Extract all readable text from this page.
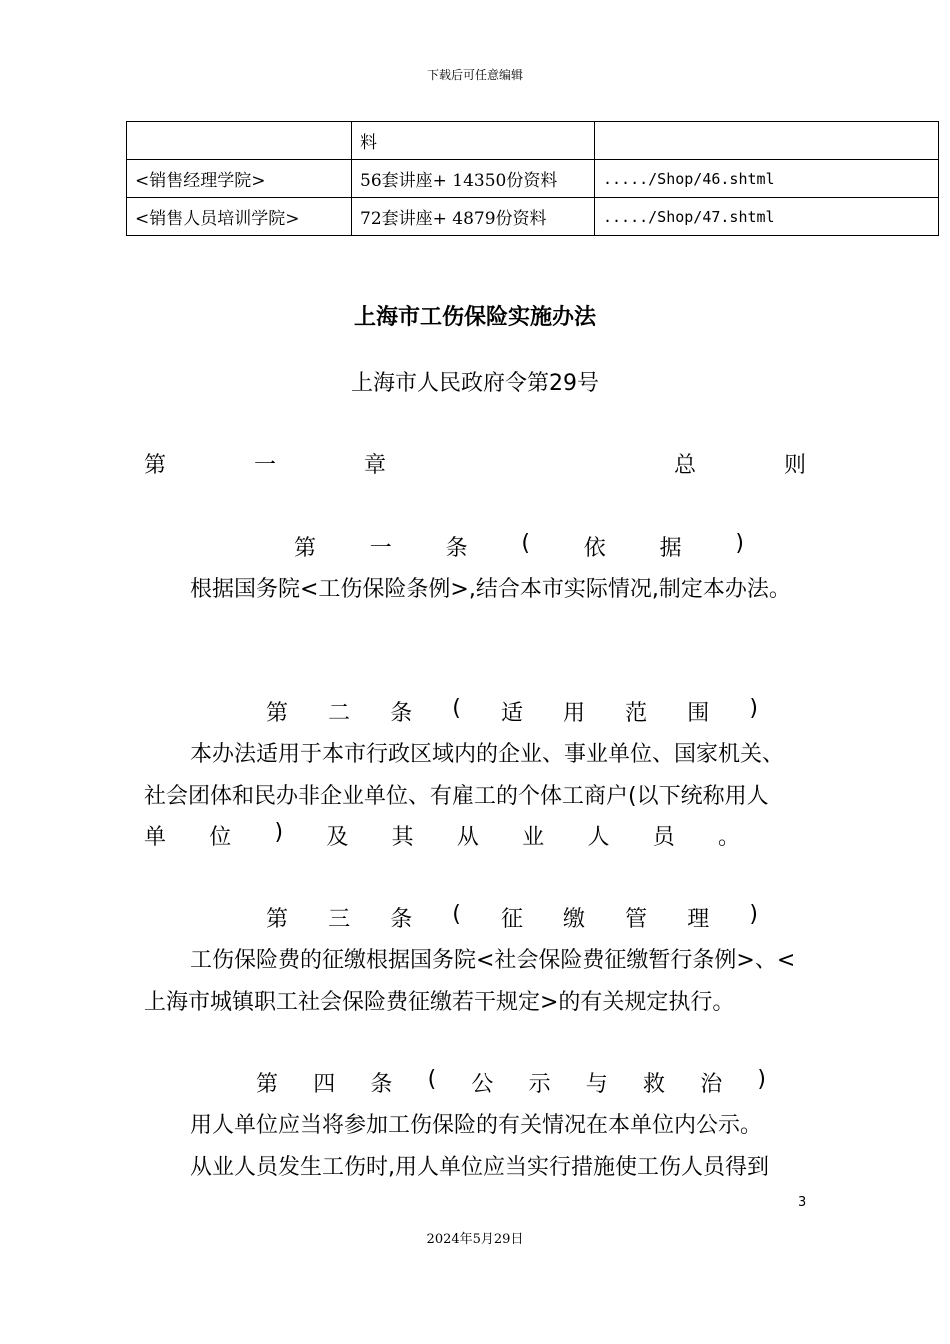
下载后可任意编辑
	料	
<销售经理学院>	56套讲座+ 14350份资料	...../Shop/46.shtml
<销售人员培训学院>	72套讲座+ 4879份资料	...../Shop/47.shtml
上海市工伤保险实施办法
上海市人民政府令第29号
第	一	章	总	则
第 一 条 ( 依 据 )
根据国务院<工伤保险条例>,结合本市实际情况,制定本办法。
第 二 条 ( 适 用 范 围 )
本办法适用于本市行政区域内的企业、事业单位、国家机关、
社会团体和民办非企业单位、有雇工的个体工商户(以下统称用人
单 位 ) 及 其 从 业 人 员 。
第 三 条 ( 征 缴 管 理 )
工伤保险费的征缴根据国务院<社会保险费征缴暂行条例>、<
上海市城镇职工社会保险费征缴若干规定>的有关规定执行。
第 四 条 ( 公 示 与 救 治 )
用人单位应当将参加工伤保险的有关情况在本单位内公示。
从业人员发生工伤时,用人单位应当实行措施使工伤人员得到
3
2024年5月29日
